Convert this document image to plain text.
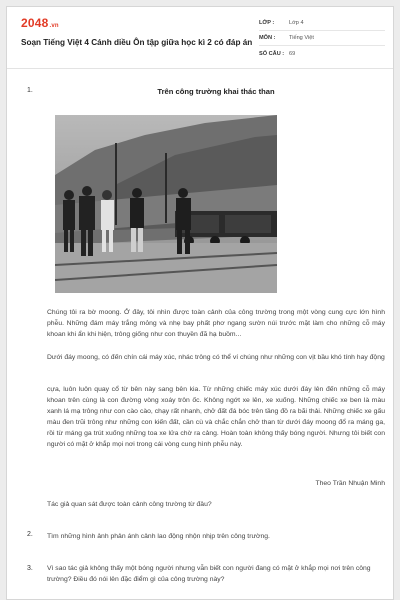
2048.vn
Soạn Tiếng Việt 4 Cánh diều Ôn tập giữa học kì 2 có đáp án
LỚP :	Lớp 4
MÔN :	Tiếng Việt
SỐ CÂU : 69
1.	Trên công trường khai thác than
Chúng tôi ra bờ moong. Ở đây, tôi nhìn được toàn cảnh của công trường trong một vòng cung cực lớn hình phễu. Những đám máy trắng mỏng và nhẹ bay phất phơ ngang sườn núi trước mặt làm cho những cỗ máy khoan khi ẩn khi hiện, trông giống như con thuyền đã hạ buồm...
Dưới đáy moong, có đến chín cái máy xúc, nhác trông có thể ví chúng như những con vịt bầu khó tính hay động
cựa, luôn luôn quay cổ từ bên này sang bên kia. Từ những chiếc máy xúc dưới đáy lên đến những cỗ máy khoan trên cùng là con đường vòng xoáy trôn ốc. Không ngớt xe lên, xe xuống. Những chiếc xe ben là màu xanh lá mạ trông như con cào cào, chạy rất nhanh, chở đất đá bóc trên tầng đồ ra bãi thải. Những chiếc xe gấu màu đen trũi trông như những con kiến đất, cần cù và chắc chắn chở than từ dưới đáy moong đổ ra máng ga, rồi từ máng ga trút xuống những toa xe lửa chờ ra cảng. Hoàn toàn không thấy bóng người. Nhưng tôi biết con người có mặt ở khắp mọi nơi trong cái vòng cung hình phễu này.
Theo Trần Nhuận Minh
Tác giả quan sát được toàn cảnh công trường từ đâu?
2. Tìm những hình ảnh phản ánh cảnh lao động nhộn nhịp trên công trường.
3. Vì sao tác giả không thấy một bóng người nhưng vẫn biết con người đang có mặt ở khắp mọi nơi trên công trường? Điều đó nói lên đặc điểm gì của công trường này?
